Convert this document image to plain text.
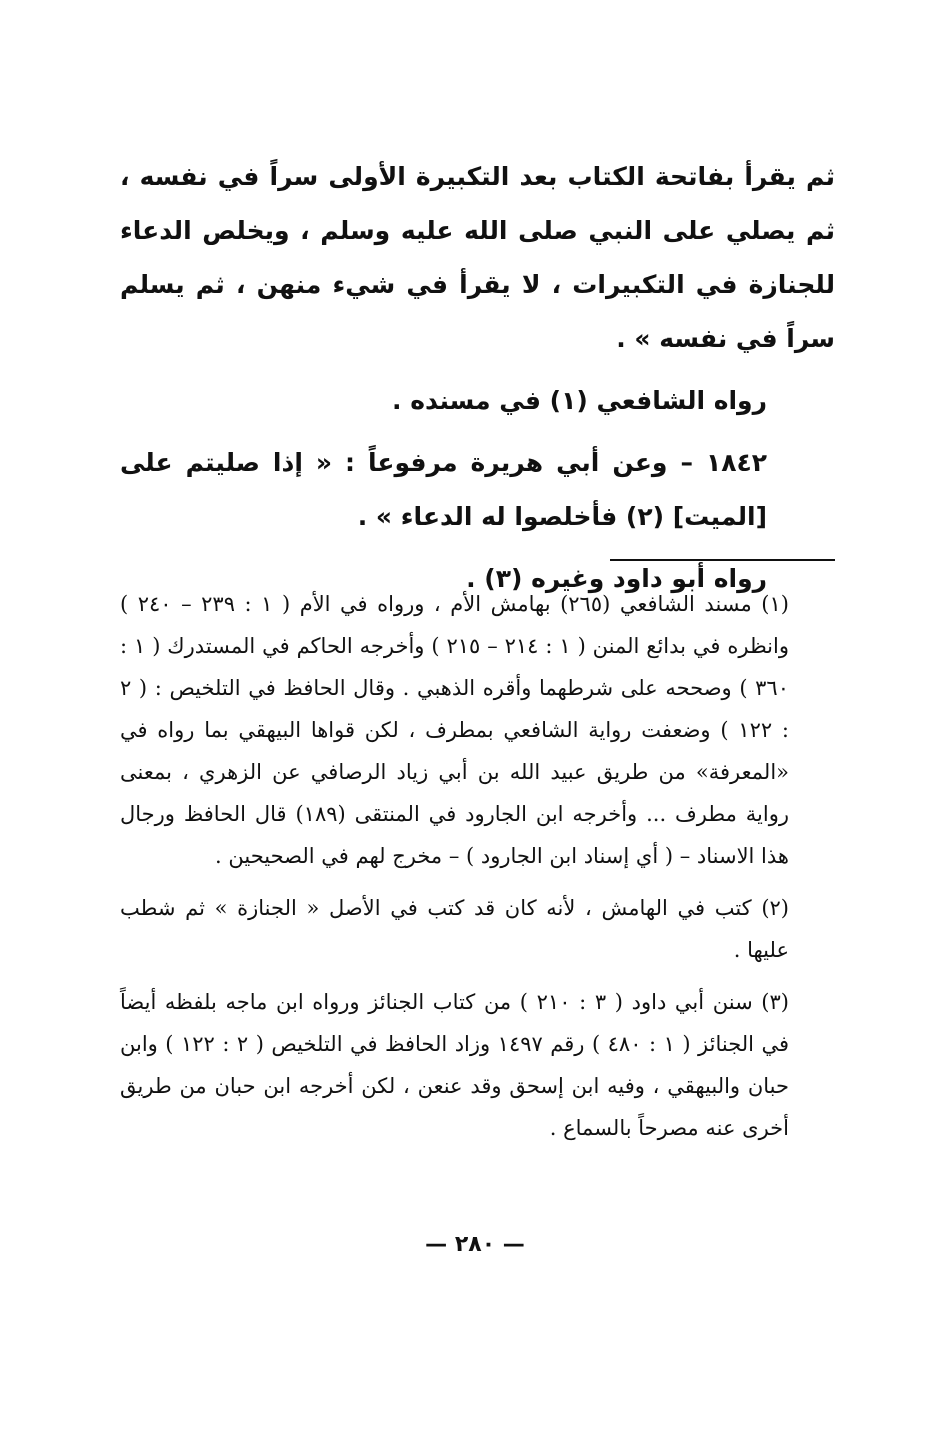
ثم يقرأ بفاتحة الكتاب بعد التكبيرة الأولى سراً في نفسه ، ثم يصلي على النبي صلى الله عليه وسلم ، ويخلص الدعاء للجنازة في التكبيرات ، لا يقرأ في شيء منهن ، ثم يسلم سراً في نفسه » .

رواه الشافعي (١) في مسنده .

١٨٤٢ – وعن أبي هريرة مرفوعاً : « إذا صليتم على [الميت] (٢) فأخلصوا له الدعاء » .

رواه أبو داود وغيره (٣) .

(١) مسند الشافعي (٢٦٥) بهامش الأم ، ورواه في الأم ( ١ : ٢٣٩ – ٢٤٠ ) وانظره في بدائع المنن ( ١ : ٢١٤ – ٢١٥ ) وأخرجه الحاكم في المستدرك ( ١ : ٣٦٠ ) وصححه على شرطهما وأقره الذهبي . وقال الحافظ في التلخيص : ( ٢ : ١٢٢ ) وضعفت رواية الشافعي بمطرف ، لكن قواها البيهقي بما رواه في «المعرفة» من طريق عبيد الله بن أبي زياد الرصافي عن الزهري ، بمعنى رواية مطرف ... وأخرجه ابن الجارود في المنتقى (١٨٩) قال الحافظ ورجال هذا الاسناد – ( أي إسناد ابن الجارود ) – مخرج لهم في الصحيحين .

(٢) كتب في الهامش ، لأنه كان قد كتب في الأصل « الجنازة » ثم شطب عليها .

(٣) سنن أبي داود ( ٣ : ٢١٠ ) من كتاب الجنائز ورواه ابن ماجه بلفظه أيضاً في الجنائز ( ١ : ٤٨٠ ) رقم ١٤٩٧ وزاد الحافظ في التلخيص ( ٢ : ١٢٢ ) وابن حبان والبيهقي ، وفيه ابن إسحق وقد عنعن ، لكن أخرجه ابن حبان من طريق أخرى عنه مصرحاً بالسماع .

— ٢٨٠ —
